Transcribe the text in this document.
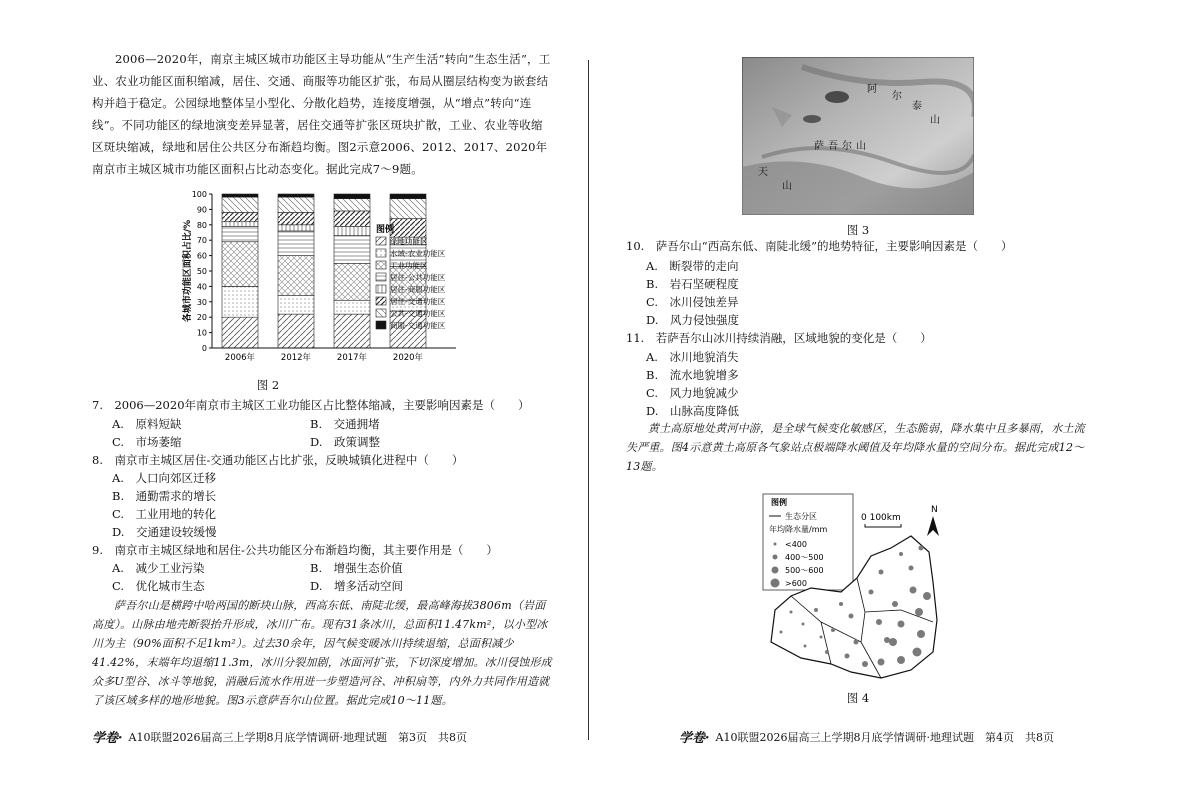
2006—2020年，南京主城区城市功能区主导功能从“生产生活”转向“生态生活”，工业、农业功能区面积缩减，居住、交通、商服等功能区扩张，布局从圈层结构变为嵌套结构并趋于稳定。公园绿地整体呈小型化、分散化趋势，连接度增强，从“增点”转向“连线”。不同功能区的绿地演变差异显著，居住交通等扩张区斑块扩散，工业、农业等收缩区斑块缩减，绿地和居住公共区分布渐趋均衡。图2示意2006、2012、2017、2020年南京市主城区城市功能区面积占比动态变化。据此完成7～9题。
0
10
20
30
40
50
60
70
80
90
100
各城市功能区面积占比/%
2006年	2012年	2017年	2020年
图例
绿地功能区
水域-农业功能区
工业功能区
居住-公共功能区
居住-商服功能区
居住-交通功能区
公共-交通功能区
商服-交通功能区
图 2
7.　2006—2020年南京市主城区工业功能区占比整体缩减，主要影响因素是（　　）
A.　原料短缺	B.　交通拥堵
C.　市场萎缩	D.　政策调整
8.　南京市主城区居住-交通功能区占比扩张，反映城镇化进程中（　　）
A.　人口向郊区迁移
B.　通勤需求的增长
C.　工业用地的转化
D.　交通建设较缓慢
9.　南京市主城区绿地和居住-公共功能区分布渐趋均衡，其主要作用是（　　）
A.　减少工业污染	B.　增强生态价值
C.　优化城市生态	D.　增多活动空间
萨吾尔山是横跨中哈两国的断块山脉，西高东低、南陡北缓，最高峰海拔3806m（岩面高度）。山脉由地壳断裂抬升形成，冰川广布。现有31条冰川，总面积11.47km²，以小型冰川为主（90%面积不足1km²）。过去30余年，因气候变暖冰川持续退缩，总面积减少41.42%，末端年均退缩11.3m，冰川分裂加剧，冰面河扩张，下切深度增加。冰川侵蚀形成众多U型谷、冰斗等地貌，消融后流水作用进一步塑造河谷、冲积扇等，内外力共同作用造就了该区域多样的地形地貌。图3示意萨吾尔山位置。据此完成10～11题。
学卷· A10联盟2026届高三上学期8月底学情调研·地理试题　第3页　共8页
阿
尔
泰
山
萨 吾 尔 山
天
山
图 3
10.　萨吾尔山“西高东低、南陡北缓”的地势特征，主要影响因素是（　　）
A.　断裂带的走向
B.　岩石坚硬程度
C.　冰川侵蚀差异
D.　风力侵蚀强度
11.　若萨吾尔山冰川持续消融，区域地貌的变化是（　　）
A.　冰川地貌消失
B.　流水地貌增多
C.　风力地貌减少
D.　山脉高度降低
黄土高原地处黄河中游，是全球气候变化敏感区，生态脆弱，降水集中且多暴雨，水土流失严重。图4示意黄土高原各气象站点极端降水阈值及年均降水量的空间分布。据此完成12～13题。
图例
生态分区
年均降水量/mm
<400
400～500
500～600
>600
0 100km
N
图 4
学卷· A10联盟2026届高三上学期8月底学情调研·地理试题　第4页　共8页
